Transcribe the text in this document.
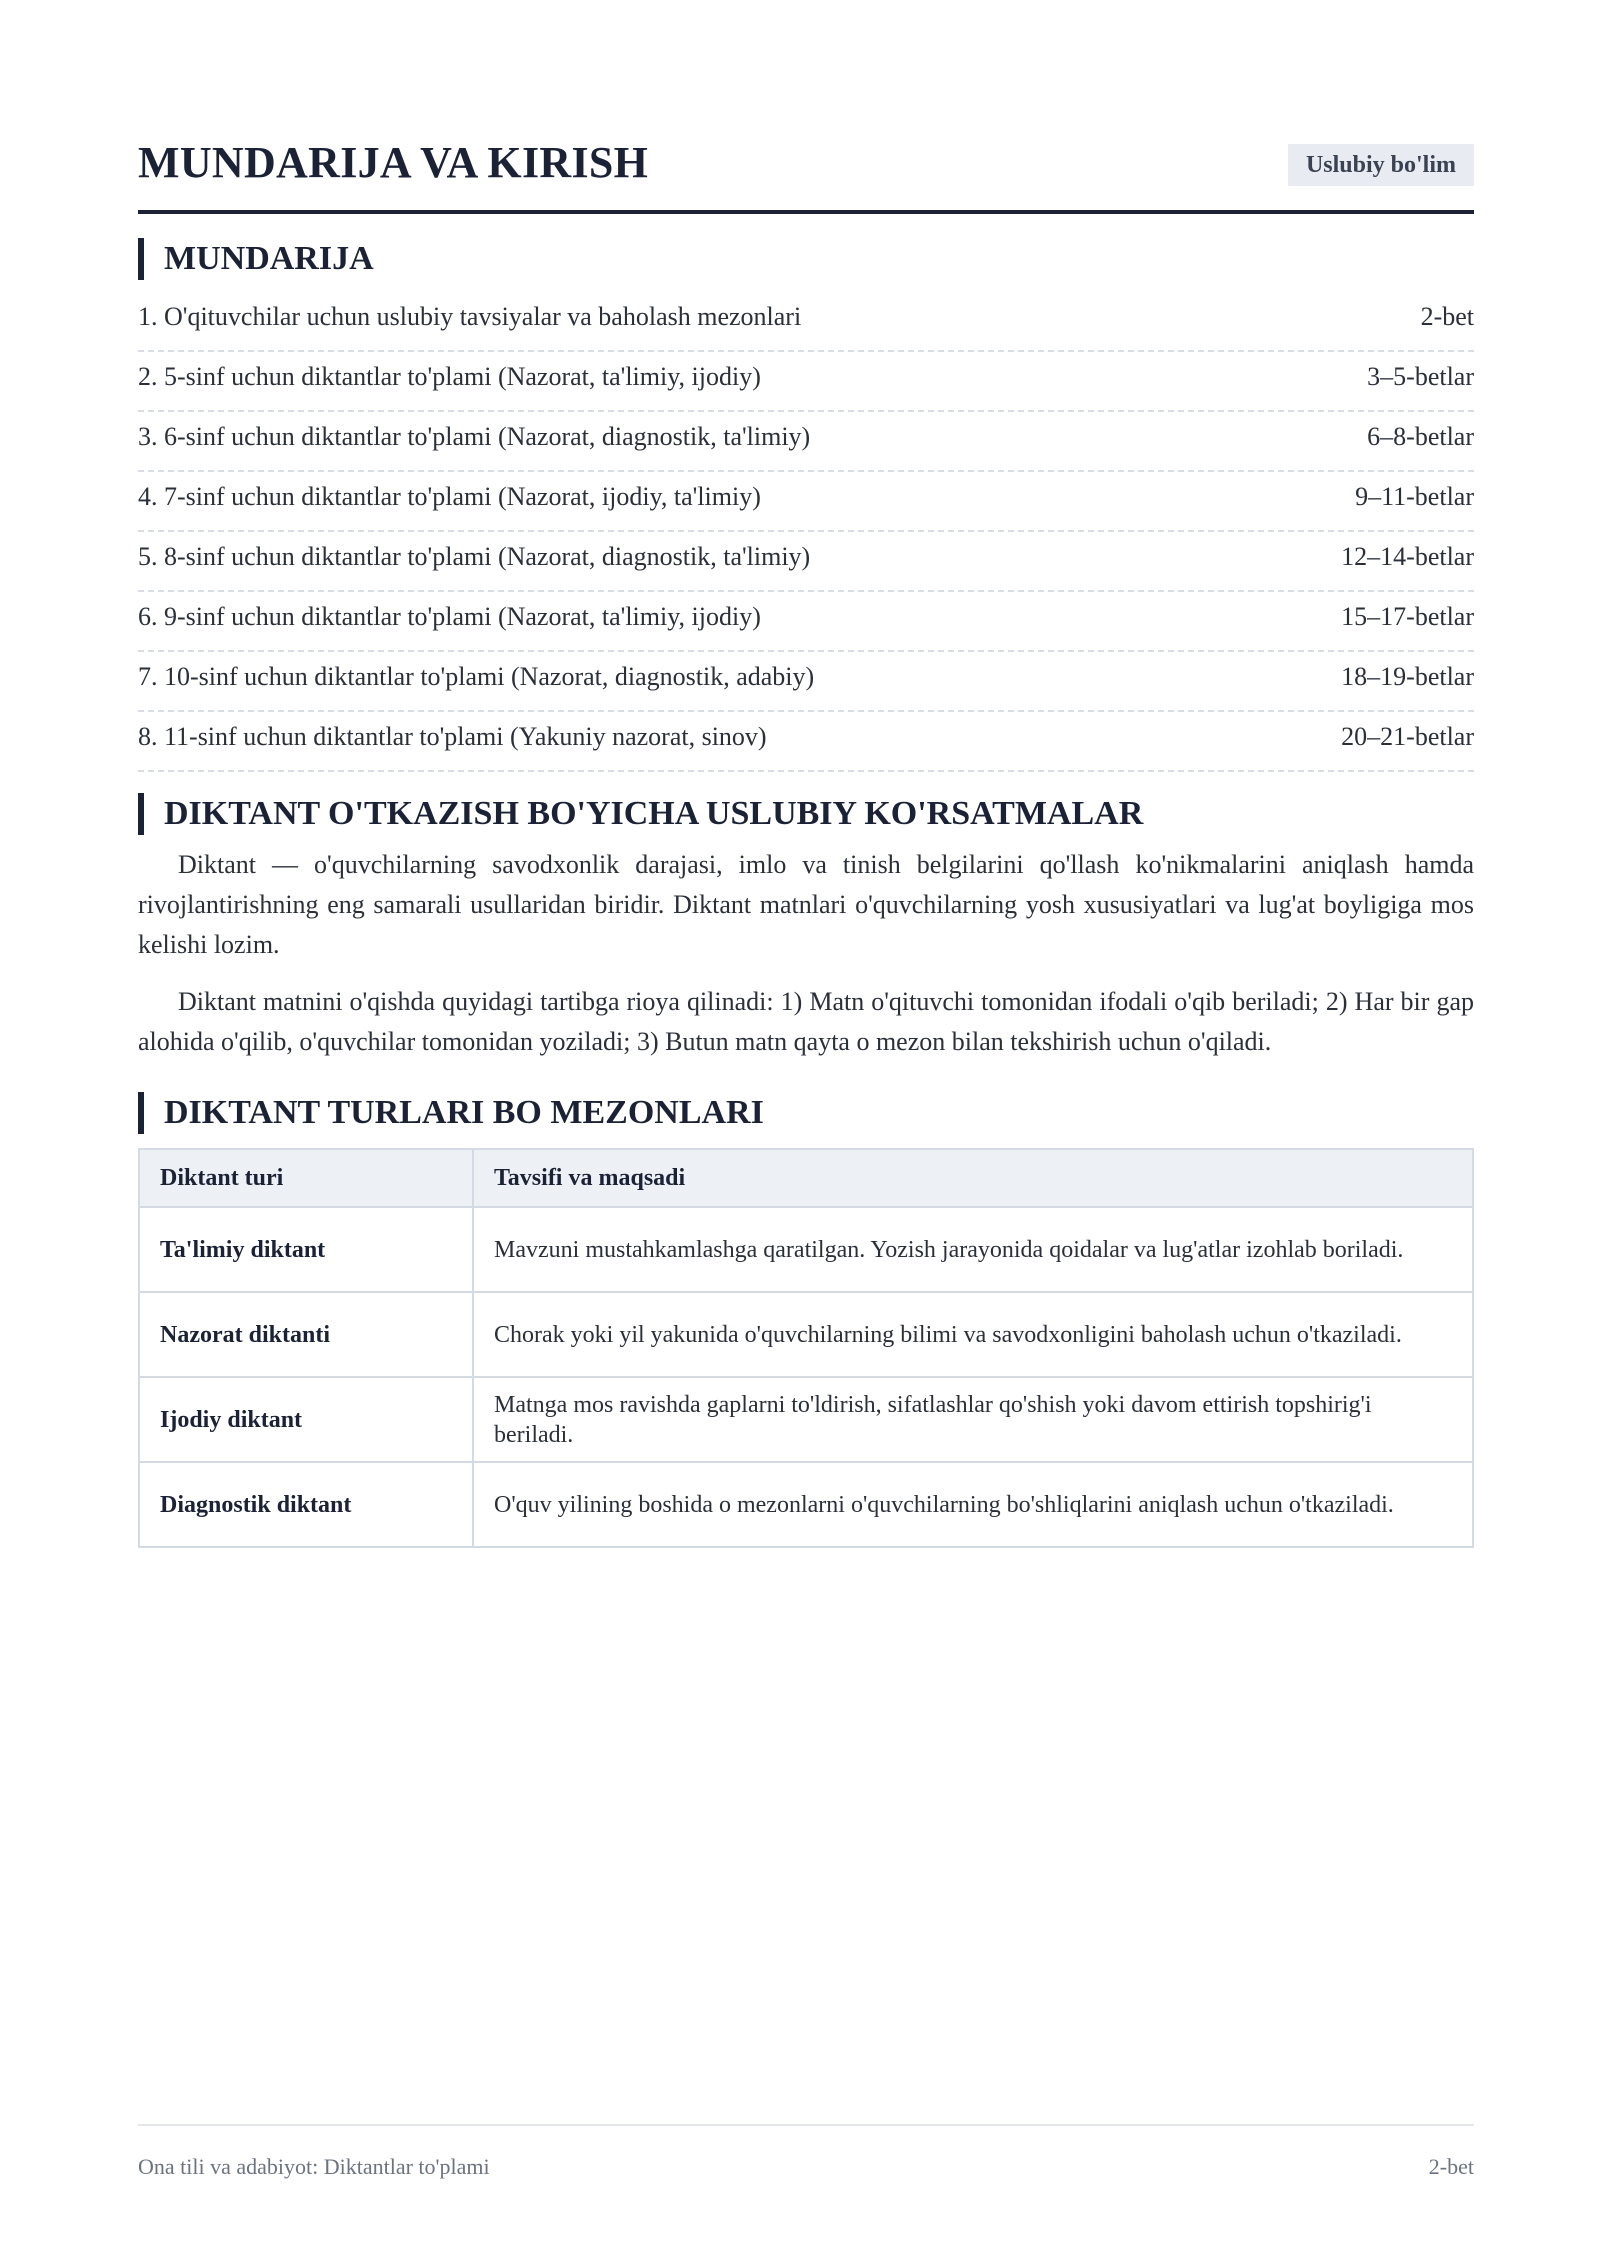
MUNDARIJA VA KIRISH	Uslubiy bo'lim
MUNDARIJA
1. O'qituvchilar uchun uslubiy tavsiyalar va baholash mezonlari	2-bet
2. 5-sinf uchun diktantlar to'plami (Nazorat, ta'limiy, ijodiy)	3–5-betlar
3. 6-sinf uchun diktantlar to'plami (Nazorat, diagnostik, ta'limiy)	6–8-betlar
4. 7-sinf uchun diktantlar to'plami (Nazorat, ijodiy, ta'limiy)	9–11-betlar
5. 8-sinf uchun diktantlar to'plami (Nazorat, diagnostik, ta'limiy)	12–14-betlar
6. 9-sinf uchun diktantlar to'plami (Nazorat, ta'limiy, ijodiy)	15–17-betlar
7. 10-sinf uchun diktantlar to'plami (Nazorat, diagnostik, adabiy)	18–19-betlar
8. 11-sinf uchun diktantlar to'plami (Yakuniy nazorat, sinov)	20–21-betlar
DIKTANT O'TKAZISH BO'YICHA USLUBIY KO'RSATMALAR

Diktant — o'quvchilarning savodxonlik darajasi, imlo va tinish belgilarini qo'llash ko'nikmalarini aniqlash hamda rivojlantirishning eng samarali usullaridan biridir. Diktant matnlari o'quvchilarning yosh xususiyatlari va lug'at boyligiga mos kelishi lozim.

Diktant matnini o'qishda quyidagi tartibga rioya qilinadi: 1) Matn o'qituvchi tomonidan ifodali o'qib beriladi; 2) Har bir gap alohida o'qilib, o'quvchilar tomonidan yoziladi; 3) Butun matn qayta o mezon bilan tekshirish uchun o'qiladi.

DIKTANT TURLARI BO MEZONLARI
Diktant turi	Tavsifi va maqsadi
Ta'limiy diktant	Mavzuni mustahkamlashga qaratilgan. Yozish jarayonida qoidalar va lug'atlar izohlab boriladi.
Nazorat diktanti	Chorak yoki yil yakunida o'quvchilarning bilimi va savodxonligini baholash uchun o'tkaziladi.
Ijodiy diktant	Matnga mos ravishda gaplarni to'ldirish, sifatlashlar qo'shish yoki davom ettirish topshirig'i beriladi.
Diagnostik diktant	O'quv yilining boshida o mezonlarni o'quvchilarning bo'shliqlarini aniqlash uchun o'tkaziladi.
Ona tili va adabiyot: Diktantlar to'plami	2-bet
